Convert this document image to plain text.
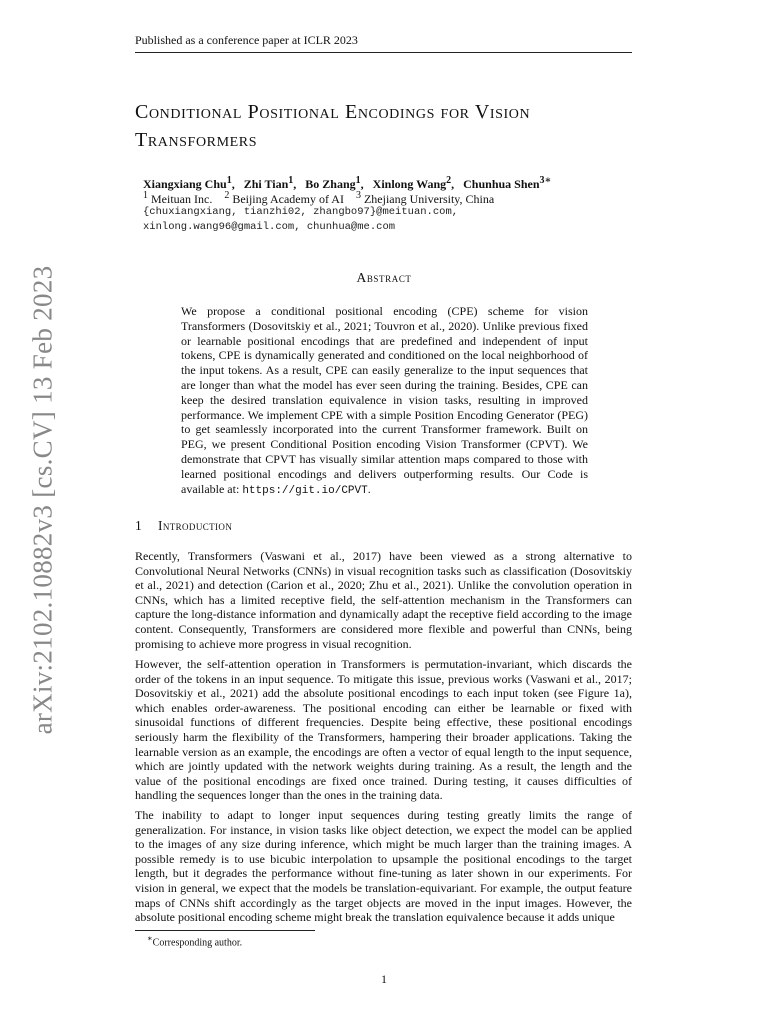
Published as a conference paper at ICLR 2023
arXiv:2102.10882v3 [cs.CV] 13 Feb 2023
Conditional Positional Encodings for Vision
Transformers
Xiangxiang Chu$^1$,   Zhi Tian$^1$,   Bo Zhang$^1$,   Xinlong Wang$^2$,   Chunhua Shen$^{3∗}$
$^1$ Meituan Inc. $^2$ Beijing Academy of AI $^3$ Zhejiang University, China
{chuxiangxiang, tianzhi02, zhangbo97}@meituan.com,
xinlong.wang96@gmail.com, chunhua@me.com
Abstract
We propose a conditional positional encoding (CPE) scheme for vision Transformers (Dosovitskiy et al., 2021; Touvron et al., 2020). Unlike previous fixed or learnable positional encodings that are predefined and independent of input tokens, CPE is dynamically generated and conditioned on the local neighborhood of the input tokens. As a result, CPE can easily generalize to the input sequences that are longer than what the model has ever seen during the training. Besides, CPE can keep the desired translation equivalence in vision tasks, resulting in improved performance. We implement CPE with a simple Position Encoding Generator (PEG) to get seamlessly incorporated into the current Transformer framework. Built on PEG, we present Conditional Position encoding Vision Transformer (CPVT). We demonstrate that CPVT has visually similar attention maps compared to those with learned positional encodings and delivers outperforming results. Our Code is available at: https://git.io/CPVT.
1 Introduction
Recently, Transformers (Vaswani et al., 2017) have been viewed as a strong alternative to Convolutional Neural Networks (CNNs) in visual recognition tasks such as classification (Dosovitskiy et al., 2021) and detection (Carion et al., 2020; Zhu et al., 2021). Unlike the convolution operation in CNNs, which has a limited receptive field, the self-attention mechanism in the Transformers can capture the long-distance information and dynamically adapt the receptive field according to the image content. Consequently, Transformers are considered more flexible and powerful than CNNs, being promising to achieve more progress in visual recognition.
However, the self-attention operation in Transformers is permutation-invariant, which discards the order of the tokens in an input sequence. To mitigate this issue, previous works (Vaswani et al., 2017; Dosovitskiy et al., 2021) add the absolute positional encodings to each input token (see Figure 1a), which enables order-awareness. The positional encoding can either be learnable or fixed with sinusoidal functions of different frequencies. Despite being effective, these positional encodings seriously harm the flexibility of the Transformers, hampering their broader applications. Taking the learnable version as an example, the encodings are often a vector of equal length to the input sequence, which are jointly updated with the network weights during training. As a result, the length and the value of the positional encodings are fixed once trained. During testing, it causes difficulties of handling the sequences longer than the ones in the training data.
The inability to adapt to longer input sequences during testing greatly limits the range of generalization. For instance, in vision tasks like object detection, we expect the model can be applied to the images of any size during inference, which might be much larger than the training images. A possible remedy is to use bicubic interpolation to upsample the positional encodings to the target length, but it degrades the performance without fine-tuning as later shown in our experiments. For vision in general, we expect that the models be translation-equivariant. For example, the output feature maps of CNNs shift accordingly as the target objects are moved in the input images. However, the absolute positional encoding scheme might break the translation equivalence because it adds unique
∗Corresponding author.
1
